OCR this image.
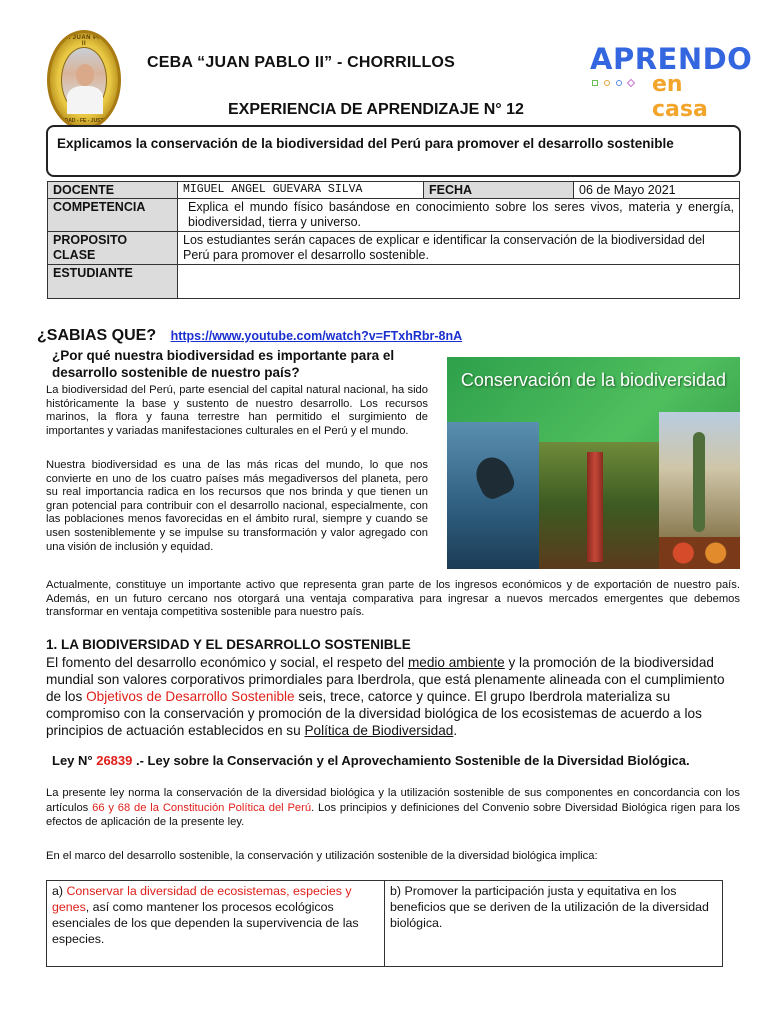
CEBA JUAN PABLO II
VERDAD - FE - JUSTICIA
CEBA “JUAN PABLO II” - CHORRILLOS
EXPERIENCIA DE APRENDIZAJE N° 12
APRENDO
en casa
Explicamos la conservación de la biodiversidad del Perú para promover el desarrollo sostenible
DOCENTE	MIGUEL ANGEL GUEVARA SILVA	FECHA	06 de Mayo 2021
COMPETENCIA	Explica el mundo físico basándose en conocimiento sobre los seres vivos, materia y energía, biodiversidad, tierra y universo.		
PROPOSITO CLASE	Los estudiantes serán capaces de explicar e identificar la conservación de la biodiversidad del Perú para promover el desarrollo sostenible.		
ESTUDIANTE			
¿SABIAS QUE? https://www.youtube.com/watch?v=FTxhRbr-8nA
¿Por qué nuestra biodiversidad es importante para el desarrollo sostenible de nuestro país?
La biodiversidad del Perú, parte esencial del capital natural nacional, ha sido históricamente la base y sustento de nuestro desarrollo. Los recursos marinos, la flora y fauna terrestre han permitido el surgimiento de importantes y variadas manifestaciones culturales en el Perú y el mundo.
Nuestra biodiversidad es una de las más ricas del mundo, lo que nos convierte en uno de los cuatro países más megadiversos del planeta, pero su real importancia radica en los recursos que nos brinda y que tienen un gran potencial para contribuir con el desarrollo nacional, especialmente, con las poblaciones menos favorecidas en el ámbito rural, siempre y cuando se usen sosteniblemente y se impulse su transformación y valor agregado con una visión de inclusión y equidad.
Conservación de la biodiversidad
Actualmente, constituye un importante activo que representa gran parte de los ingresos económicos y de exportación de nuestro país. Además, en un futuro cercano nos otorgará una ventaja comparativa para ingresar a nuevos mercados emergentes que debemos transformar en ventaja competitiva sostenible para nuestro país.
1. LA BIODIVERSIDAD Y EL DESARROLLO SOSTENIBLE
El fomento del desarrollo económico y social, el respeto del medio ambiente y la promoción de la biodiversidad mundial son valores corporativos primordiales para Iberdrola, que está plenamente alineada con el cumplimiento de los Objetivos de Desarrollo Sostenible seis, trece, catorce y quince. El grupo Iberdrola materializa su compromiso con la conservación y promoción de la diversidad biológica de los ecosistemas de acuerdo a los principios de actuación establecidos en su Política de Biodiversidad.
Ley N° 26839 .- Ley sobre la Conservación y el Aprovechamiento Sostenible de la Diversidad Biológica.
La presente ley norma la conservación de la diversidad biológica y la utilización sostenible de sus componentes en concordancia con los artículos 66 y 68 de la Constitución Política del Perú. Los principios y definiciones del Convenio sobre Diversidad Biológica rigen para los efectos de aplicación de la presente ley.
En el marco del desarrollo sostenible, la conservación y utilización sostenible de la diversidad biológica implica:
a) Conservar la diversidad de ecosistemas, especies y genes, así como mantener los procesos ecológicos esenciales de los que dependen la supervivencia de las especies.	b) Promover la participación justa y equitativa en los beneficios que se deriven de la utilización de la diversidad biológica.
